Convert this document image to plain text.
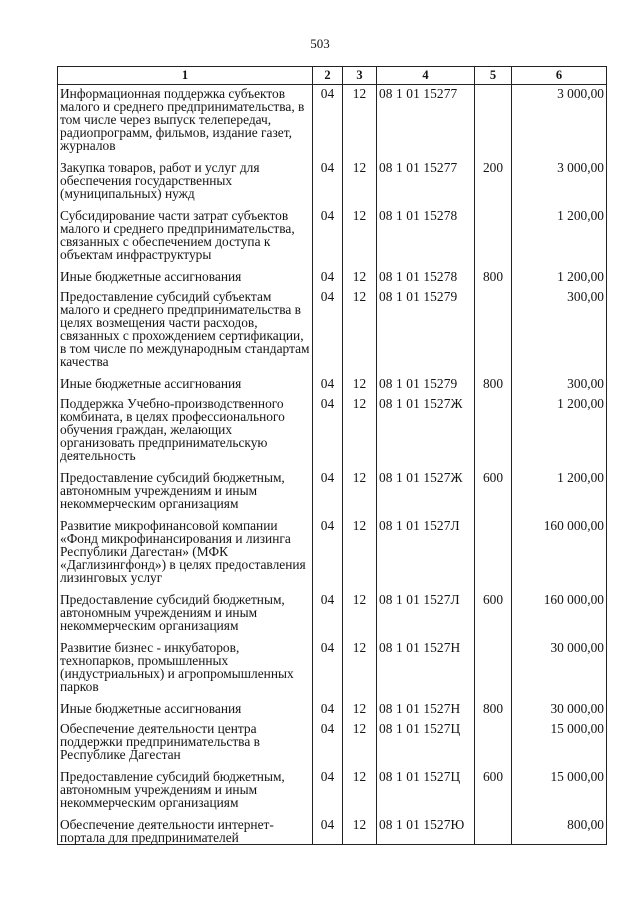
503
1	2	3	4	5	6
Информационная поддержка субъектов малого и среднего предпринимательства, в том числе через выпуск телепередач, радиопрограмм, фильмов, издание газет, журналов	04	12	08 1 01 15277		3 000,00
Закупка товаров, работ и услуг для обеспечения государственных (муниципальных) нужд	04	12	08 1 01 15277	200	3 000,00
Субсидирование части затрат субъектов малого и среднего предпринимательства, связанных с обеспечением доступа к объектам инфраструктуры	04	12	08 1 01 15278		1 200,00
Иные бюджетные ассигнования	04	12	08 1 01 15278	800	1 200,00
Предоставление субсидий субъектам малого и среднего предпринимательства в целях возмещения части расходов, связанных с прохождением сертификации, в том числе по международным стандартам качества	04	12	08 1 01 15279		300,00
Иные бюджетные ассигнования	04	12	08 1 01 15279	800	300,00
Поддержка Учебно-производственного комбината, в целях профессионального обучения граждан, желающих организовать предпринимательскую деятельность	04	12	08 1 01 1527Ж		1 200,00
Предоставление субсидий бюджетным, автономным учреждениям и иным некоммерческим организациям	04	12	08 1 01 1527Ж	600	1 200,00
Развитие микрофинансовой компании «Фонд микрофинансирования и лизинга Республики Дагестан» (МФК «Даглизингфонд») в целях предоставления лизинговых услуг	04	12	08 1 01 1527Л		160 000,00
Предоставление субсидий бюджетным, автономным учреждениям и иным некоммерческим организациям	04	12	08 1 01 1527Л	600	160 000,00
Развитие бизнес - инкубаторов, технопарков, промышленных (индустриальных) и агропромышленных парков	04	12	08 1 01 1527Н		30 000,00
Иные бюджетные ассигнования	04	12	08 1 01 1527Н	800	30 000,00
Обеспечение деятельности центра поддержки предпринимательства в Республике Дагестан	04	12	08 1 01 1527Ц		15 000,00
Предоставление субсидий бюджетным, автономным учреждениям и иным некоммерческим организациям	04	12	08 1 01 1527Ц	600	15 000,00
Обеспечение деятельности интернет-портала для предпринимателей	04	12	08 1 01 1527Ю		800,00
